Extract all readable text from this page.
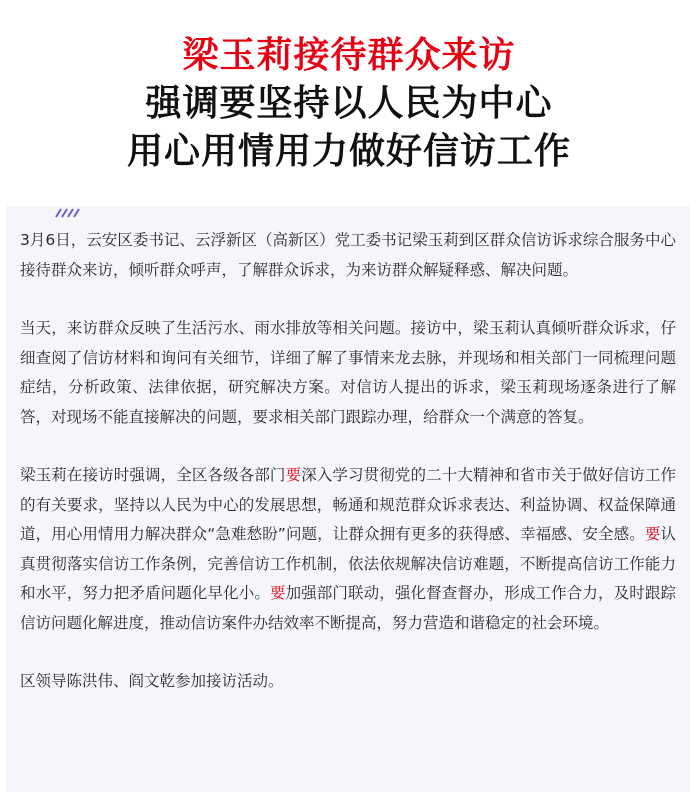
梁玉莉接待群众来访
强调要坚持以人民为中心
用心用情用力做好信访工作

3月6日，云安区委书记、云浮新区（高新区）党工委书记梁玉莉到区群众信访诉求综合服务中心接待群众来访，倾听群众呼声，了解群众诉求，为来访群众解疑释惑、解决问题。

当天，来访群众反映了生活污水、雨水排放等相关问题。接访中，梁玉莉认真倾听群众诉求，仔细查阅了信访材料和询问有关细节，详细了解了事情来龙去脉，并现场和相关部门一同梳理问题症结，分析政策、法律依据，研究解决方案。对信访人提出的诉求，梁玉莉现场逐条进行了解答，对现场不能直接解决的问题，要求相关部门跟踪办理，给群众一个满意的答复。

梁玉莉在接访时强调，全区各级各部门要深入学习贯彻党的二十大精神和省市关于做好信访工作的有关要求，坚持以人民为中心的发展思想，畅通和规范群众诉求表达、利益协调、权益保障通道，用心用情用力解决群众“急难愁盼”问题，让群众拥有更多的获得感、幸福感、安全感。要认真贯彻落实信访工作条例，完善信访工作机制，依法依规解决信访难题，不断提高信访工作能力和水平，努力把矛盾问题化早化小。要加强部门联动，强化督查督办，形成工作合力，及时跟踪信访问题化解进度，推动信访案件办结效率不断提高，努力营造和谐稳定的社会环境。

区领导陈洪伟、阎文乾参加接访活动。
